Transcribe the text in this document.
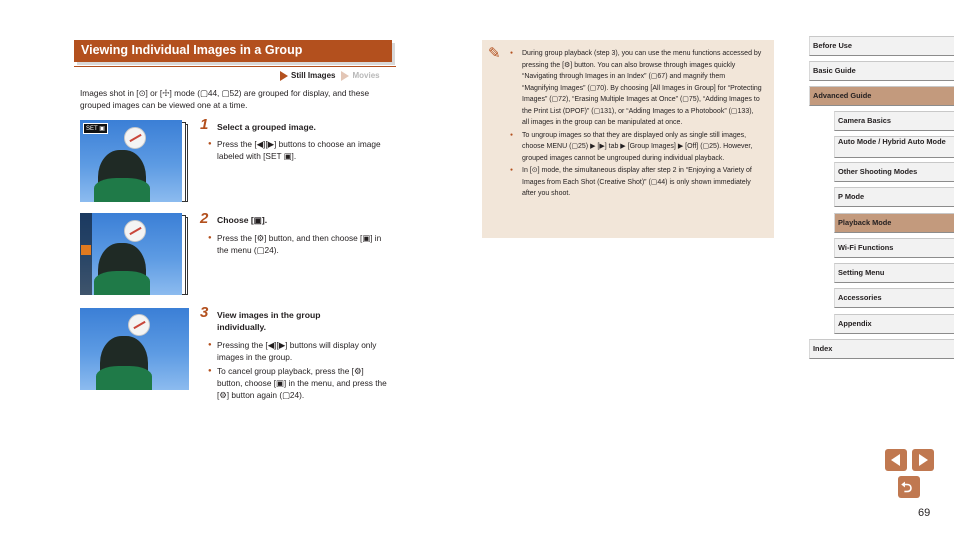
Viewing Individual Images in a Group
Still Images	Movies
Images shot in [⊙] or [☩] mode (▢44, ▢52) are grouped for display, and these grouped images can be viewed one at a time.
SET ▣	1 Select a grouped image.
● Press the [◀][▶] buttons to choose an image labeled with [SET ▣].
2 Choose [▣].
● Press the [⚙] button, and then choose [▣] in the menu (▢24).
3 View images in the group individually.
● Pressing the [◀][▶] buttons will display only images in the group.
● To cancel group playback, press the [⚙] button, choose [▣] in the menu, and press the [⚙] button again (▢24).
✎
●	During group playback (step 3), you can use the menu functions accessed by pressing the [⚙] button. You can also browse through images quickly “Navigating through Images in an Index” (▢67) and magnify them “Magnifying Images” (▢70). By choosing [All Images in Group] for “Protecting Images” (▢72), “Erasing Multiple Images at Once” (▢75), “Adding Images to the Print List (DPOF)” (▢131), or “Adding Images to a Photobook” (▢133), all images in the group can be manipulated at once.
● To ungroup images so that they are displayed only as single still images, choose MENU (▢25) ▶ [▶] tab ▶ [Group Images] ▶ [Off] (▢25). However, grouped images cannot be ungrouped during individual playback.
● In [⊙] mode, the simultaneous display after step 2 in “Enjoying a Variety of Images from Each Shot (Creative Shot)” (▢44) is only shown immediately after you shoot.
Before Use
Basic Guide
Advanced Guide
Camera Basics
Auto Mode / Hybrid Auto Mode
Other Shooting Modes
P Mode
Playback Mode
Wi-Fi Functions
Setting Menu
Accessories
Appendix
Index
⮌
69
